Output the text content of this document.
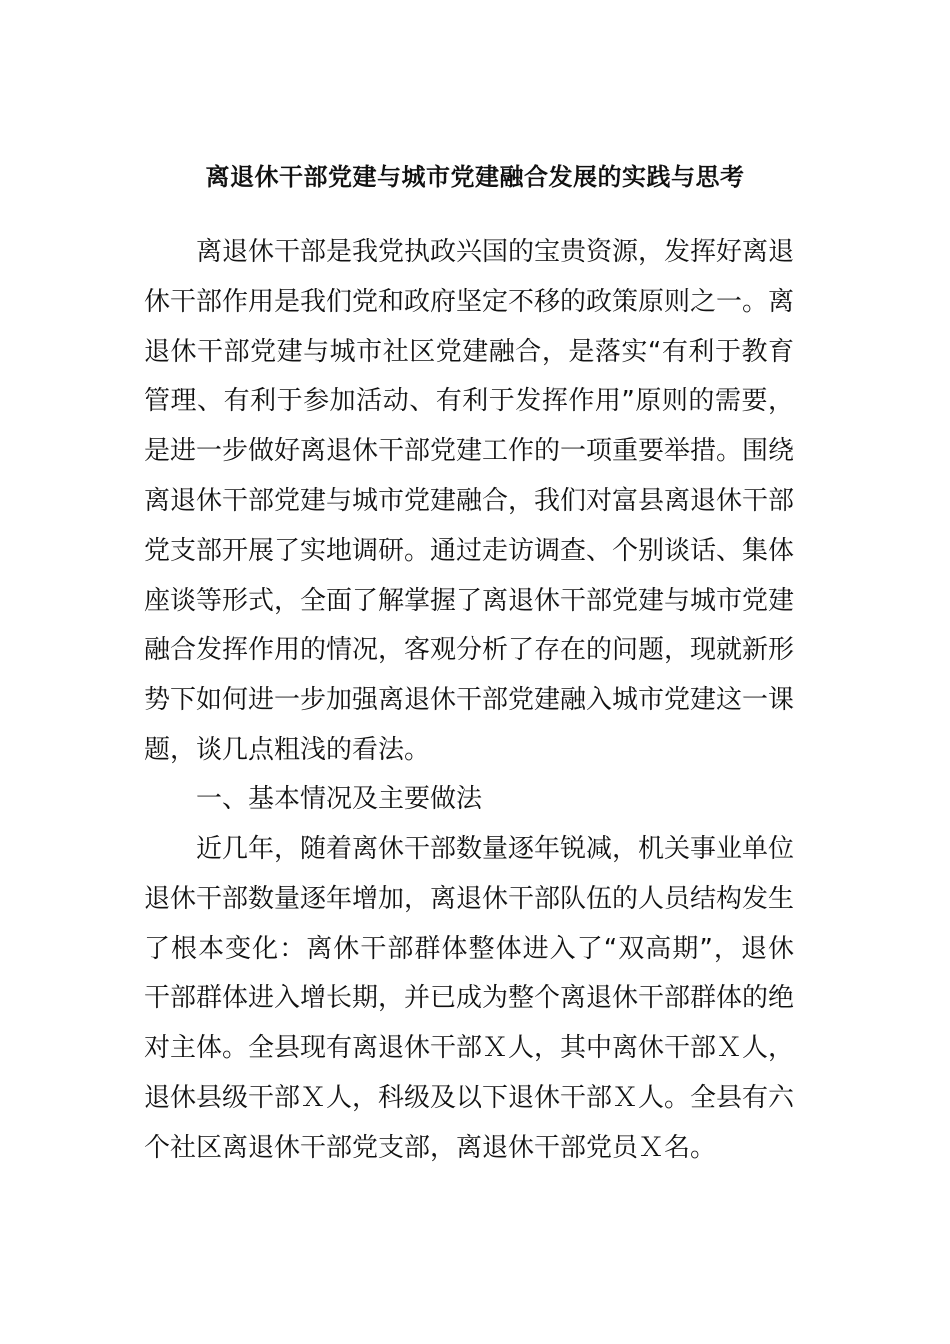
离退休干部党建与城市党建融合发展的实践与思考

离退休干部是我党执政兴国的宝贵资源，发挥好离退休干部作用是我们党和政府坚定不移的政策原则之一。离退休干部党建与城市社区党建融合，是落实“有利于教育管理、有利于参加活动、有利于发挥作用”原则的需要，是进一步做好离退休干部党建工作的一项重要举措。围绕离退休干部党建与城市党建融合，我们对富县离退休干部党支部开展了实地调研。通过走访调查、个别谈话、集体座谈等形式，全面了解掌握了离退休干部党建与城市党建融合发挥作用的情况，客观分析了存在的问题，现就新形势下如何进一步加强离退休干部党建融入城市党建这一课题，谈几点粗浅的看法。

一、基本情况及主要做法

近几年，随着离休干部数量逐年锐减，机关事业单位退休干部数量逐年增加，离退休干部队伍的人员结构发生了根本变化：离休干部群体整体进入了“双高期”，退休干部群体进入增长期，并已成为整个离退休干部群体的绝对主体。全县现有离退休干部Ｘ人，其中离休干部Ｘ人，退休县级干部Ｘ人，科级及以下退休干部Ｘ人。全县有六个社区离退休干部党支部，离退休干部党员Ｘ名。
